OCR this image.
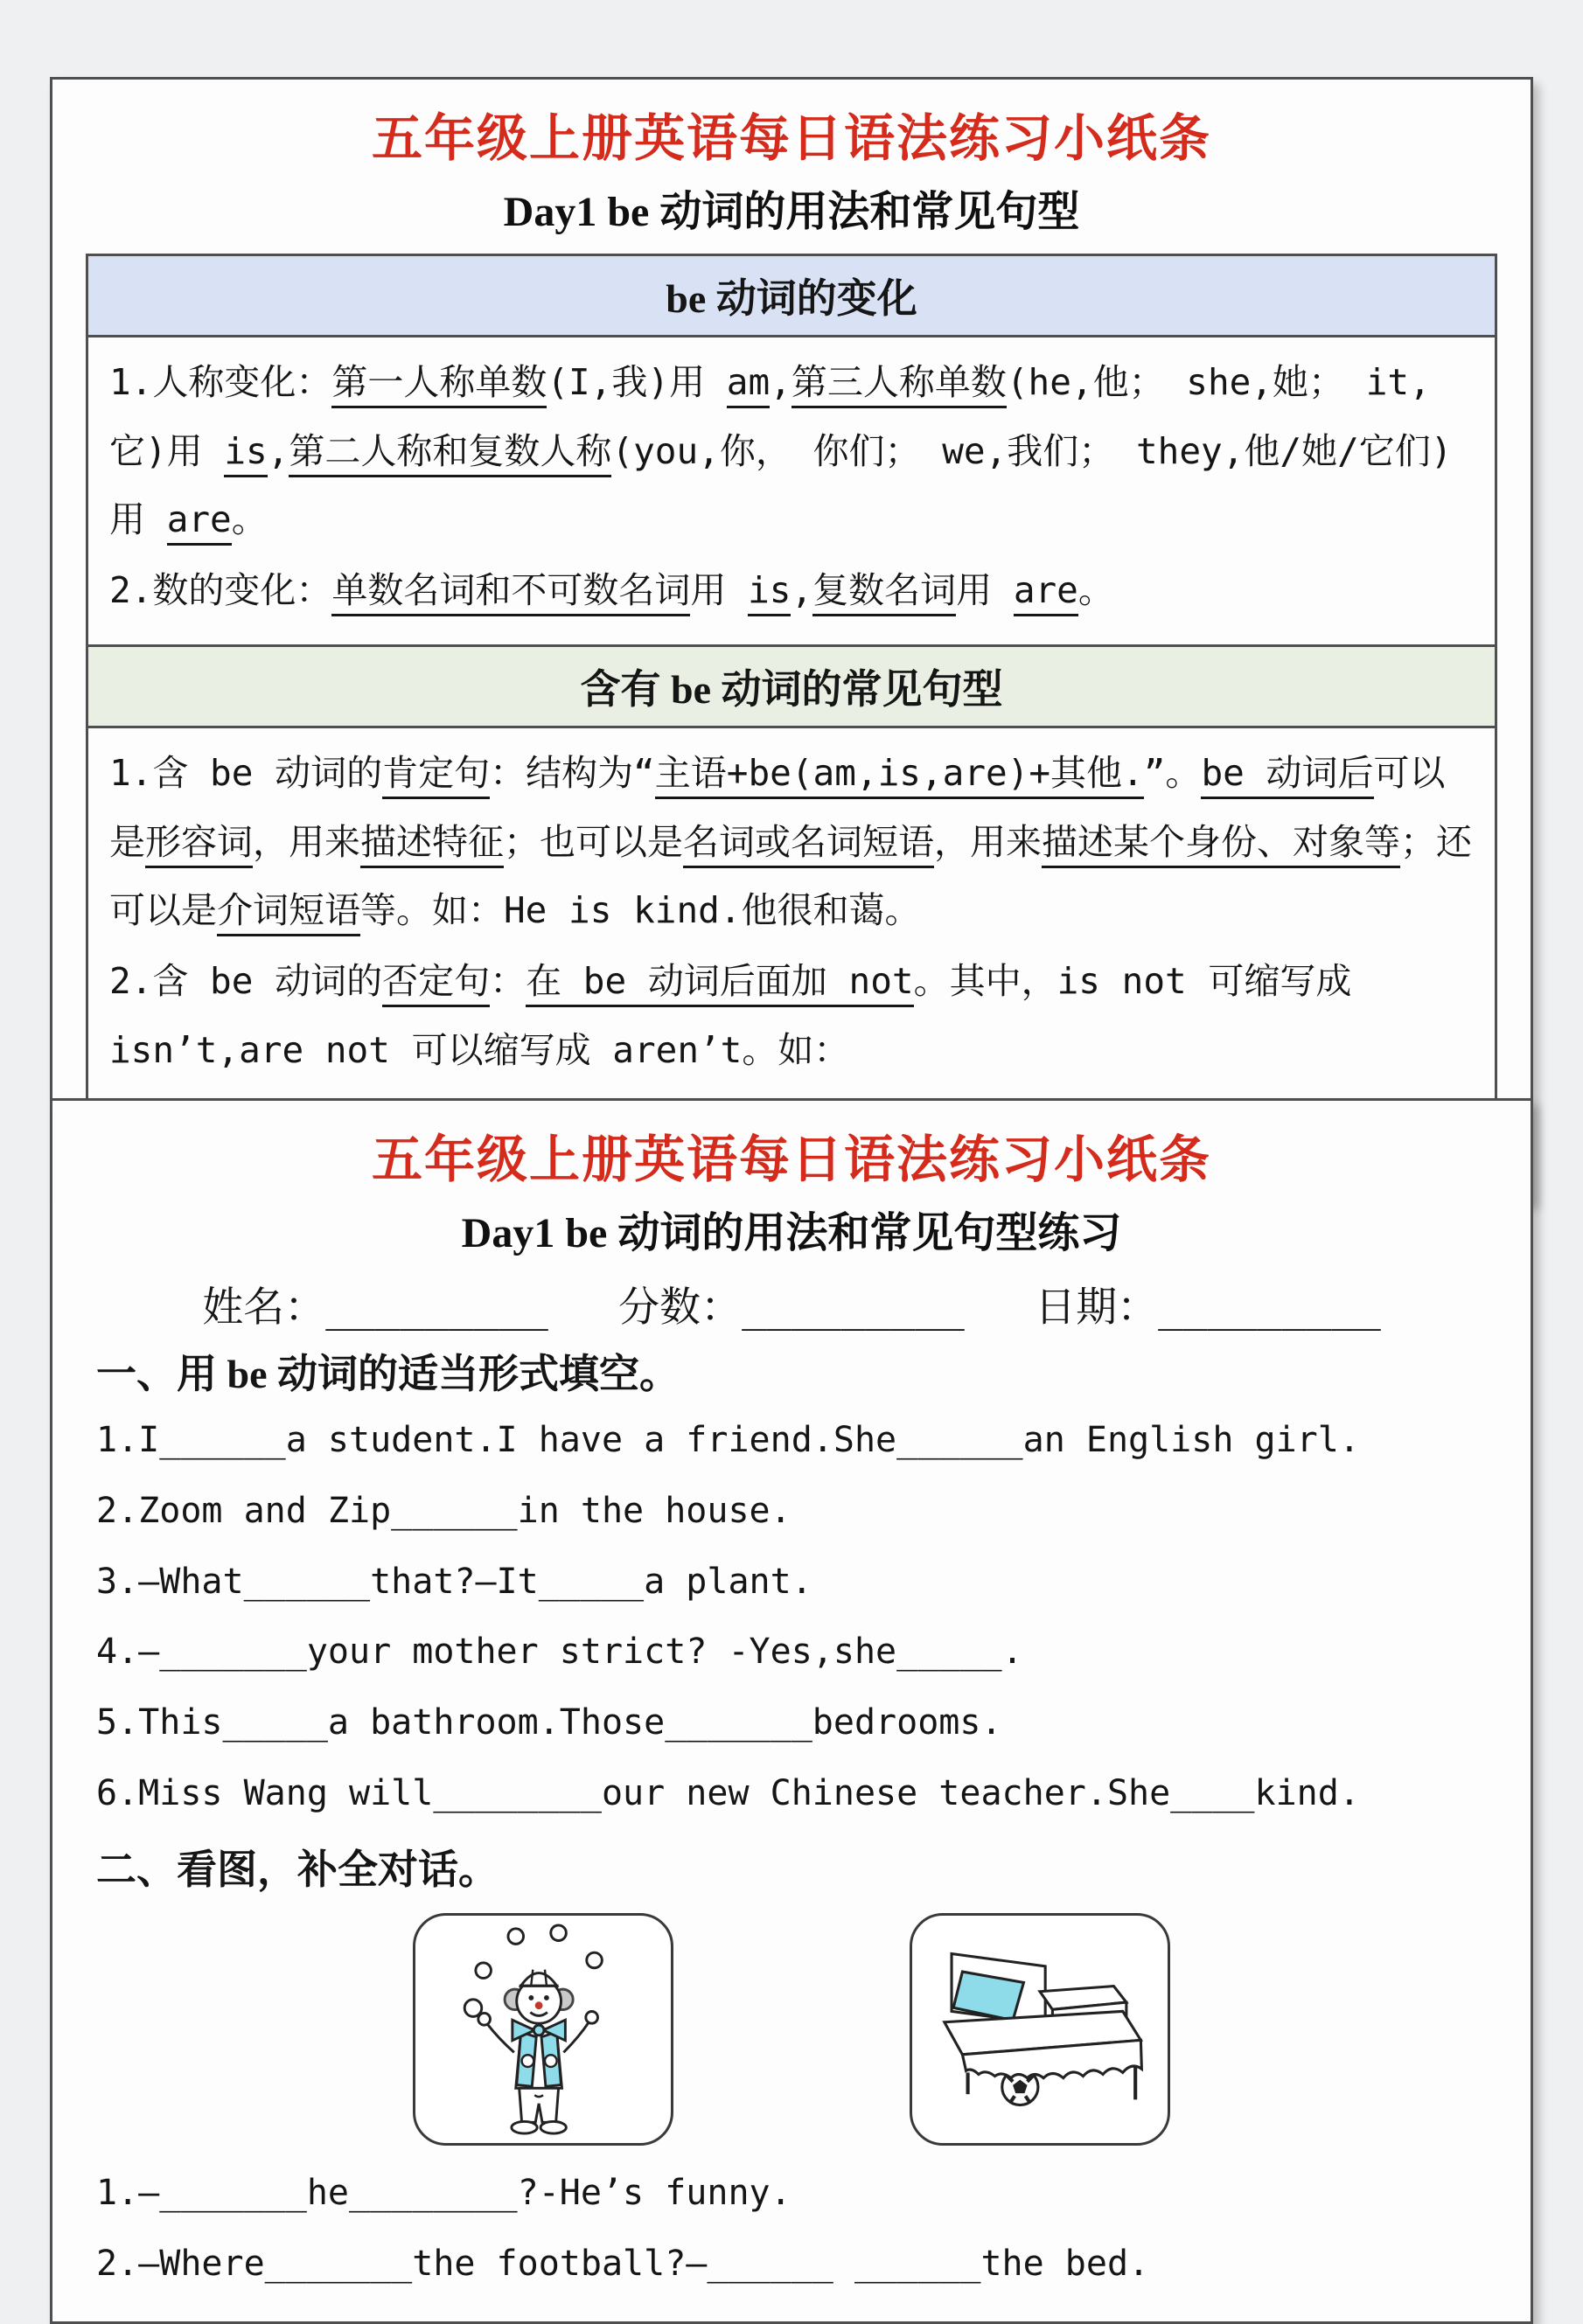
五年级上册英语每日语法练习小纸条
Day1 be 动词的用法和常见句型
be 动词的变化
1.人称变化：第一人称单数(I,我)用 am,第三人称单数(he,他； she,她； it,它)用 is,第二人称和复数人称(you,你， 你们； we,我们； they,他/她/它们)用 are。
2.数的变化：单数名词和不可数名词用 is,复数名词用 are。
含有 be 动词的常见句型
1.含 be 动词的肯定句：结构为“主语+be(am,is,are)+其他.”。be 动词后可以是形容词，用来描述特征；也可以是名词或名词短语，用来描述某个身份、对象等；还可以是介词短语等。如：He is kind.他很和蔼。
2.含 be 动词的否定句：在 be 动词后面加 not。其中，is not 可缩写成 isn’t,are not 可以缩写成 aren’t。如：
五年级上册英语每日语法练习小纸条
Day1 be 动词的用法和常见句型练习
姓名：_________ 分数：_________ 日期：_________
一、用 be 动词的适当形式填空。
1.I______a student.I have a friend.She______an English girl.
2.Zoom and Zip______in the house.
3.—What______that?—It_____a plant.
4.—_______your mother strict? -Yes,she_____.
5.This_____a bathroom.Those_______bedrooms.
6.Miss Wang will________our new Chinese teacher.She____kind.
二、看图，补全对话。
1.—_______he________?-He’s funny.
2.—Where_______the football?—______ ______the bed.
